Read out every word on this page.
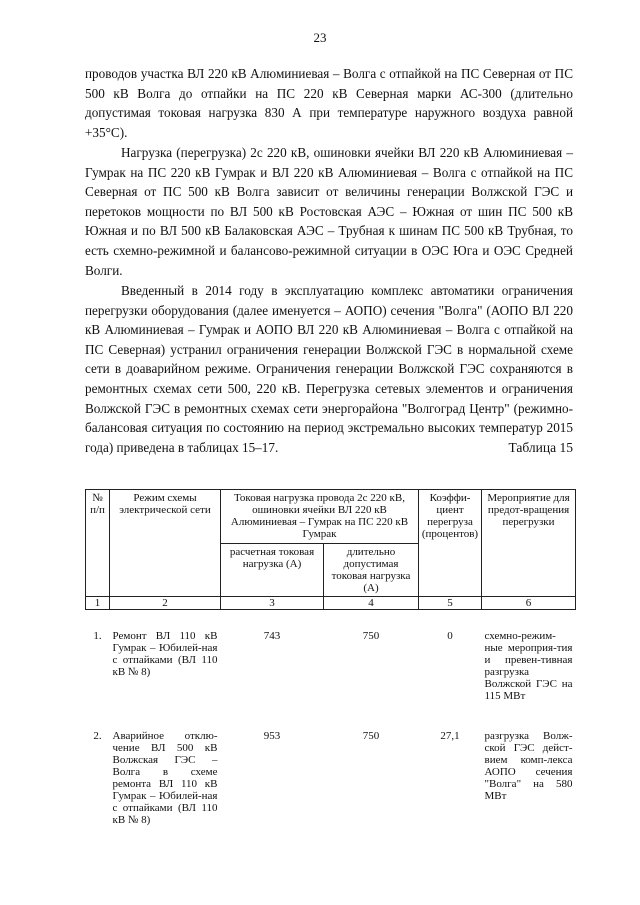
23

проводов участка ВЛ 220 кВ Алюминиевая – Волга с отпайкой на ПС Северная от ПС 500 кВ Волга до отпайки на ПС 220 кВ Северная марки АС-300 (длительно допустимая токовая нагрузка 830 А при температуре наружного воздуха равной +35°С).

Нагрузка (перегрузка) 2с 220 кВ, ошиновки ячейки ВЛ 220 кВ Алюминиевая – Гумрак на ПС 220 кВ Гумрак и ВЛ 220 кВ Алюминиевая – Волга с отпайкой на ПС Северная от ПС 500 кВ Волга зависит от величины генерации Волжской ГЭС и перетоков мощности по ВЛ 500 кВ Ростовская АЭС – Южная от шин ПС 500 кВ Южная и по ВЛ 500 кВ Балаковская АЭС – Трубная к шинам ПС 500 кВ Трубная, то есть схемно-режимной и балансово-режимной ситуации в ОЭС Юга и ОЭС Средней Волги.

Введенный в 2014 году в эксплуатацию комплекс автоматики ограничения перегрузки оборудования (далее именуется – АОПО) сечения "Волга" (АОПО ВЛ 220 кВ Алюминиевая – Гумрак и АОПО ВЛ 220 кВ Алюминиевая – Волга с отпайкой на ПС Северная) устранил ограничения генерации Волжской ГЭС в нормальной схеме сети в доаварийном режиме. Ограничения генерации Волжской ГЭС сохраняются в ремонтных схемах сети 500, 220 кВ. Перегрузка сетевых элементов и ограничения Волжской ГЭС в ремонтных схемах сети энергорайона "Волгоград Центр" (режимно-балансовая ситуация по состоянию на период экстремально высоких температур 2015 года) приведена в таблицах 15–17.	Таблица 15
№ п/п	Режим схемы электрической сети	Токовая нагрузка провода 2с 220 кВ, ошиновки ячейки ВЛ 220 кВ Алюминиевая – Гумрак на ПС 220 кВ Гумрак		Коэффи-циент перегруза (процентов)	Мероприятие для предот-вращения перегрузки
		расчетная токовая нагрузка (А)	длительно допустимая токовая нагрузка (А)		
1	2	3	4	5	6
1.	Ремонт ВЛ 110 кВ Гумрак – Юбилей-ная с отпайками (ВЛ 110 кВ № 8)	743	750	0	схемно-режим-ные мероприя-тия и превен-тивная разгрузка Волжской ГЭС на 115 МВт
2.	Аварийное отклю-чение ВЛ 500 кВ Волжская ГЭС – Волга в схеме ремонта ВЛ 110 кВ Гумрак – Юбилей-ная с отпайками (ВЛ 110 кВ № 8)	953	750	27,1	разгрузка Волж-ской ГЭС дейст-вием комп-лекса АОПО сечения "Волга" на 580 МВт
